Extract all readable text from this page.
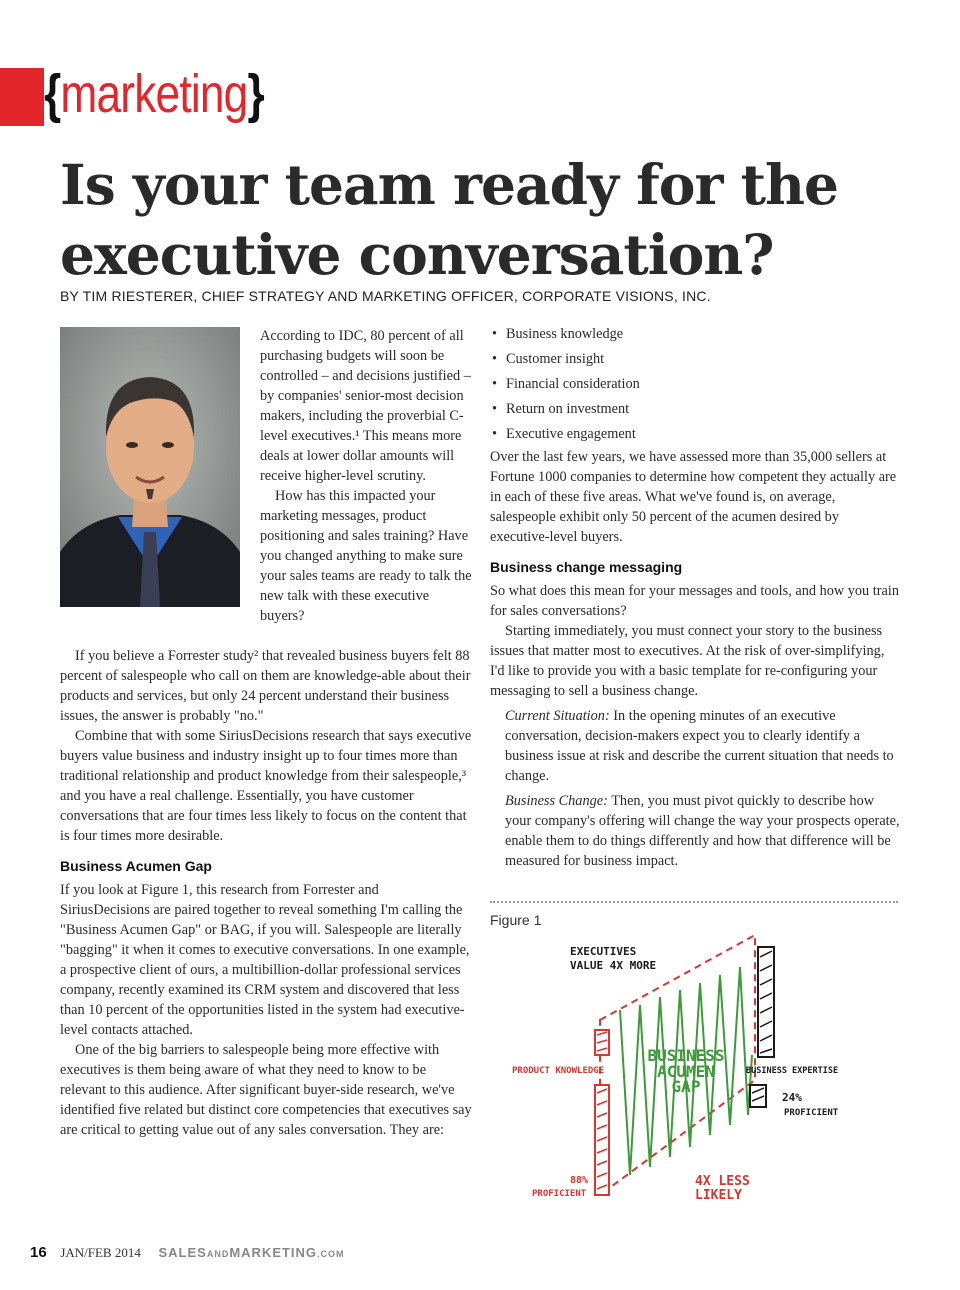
{marketing}
Is your team ready for the executive conversation?
BY TIM RIESTERER, CHIEF STRATEGY AND MARKETING OFFICER, CORPORATE VISIONS, INC.

According to IDC, 80 percent of all purchasing budgets will soon be controlled – and decisions justified – by companies' senior-most decision makers, including the proverbial C-level executives.¹ This means more deals at lower dollar amounts will receive higher-level scrutiny.

How has this impacted your marketing messages, product positioning and sales training? Have you changed anything to make sure your sales teams are ready to talk the new talk with these executive buyers?

If you believe a Forrester study² that revealed business buyers felt 88 percent of salespeople who call on them are knowledge-able about their products and services, but only 24 percent understand their business issues, the answer is probably "no."

Combine that with some SiriusDecisions research that says executive buyers value business and industry insight up to four times more than traditional relationship and product knowledge from their salespeople,³ and you have a real challenge. Essentially, you have customer conversations that are four times less likely to focus on the content that is four times more desirable.

Business Acumen Gap

If you look at Figure 1, this research from Forrester and SiriusDecisions are paired together to reveal something I'm calling the "Business Acumen Gap" or BAG, if you will. Salespeople are literally "bagging" it when it comes to executive conversations. In one example, a prospective client of ours, a multibillion-dollar professional services company, recently examined its CRM system and discovered that less than 10 percent of the opportunities listed in the system had executive-level contacts attached.

One of the big barriers to salespeople being more effective with executives is them being aware of what they need to know to be relevant to this audience. After significant buyer-side research, we've identified five related but distinct core competencies that executives say are critical to getting value out of any sales conversation. They are:

• Business knowledge
• Customer insight
• Financial consideration
• Return on investment
• Executive engagement

Over the last few years, we have assessed more than 35,000 sellers at Fortune 1000 companies to determine how competent they actually are in each of these five areas. What we've found is, on average, salespeople exhibit only 50 percent of the acumen desired by executive-level buyers.

Business change messaging

So what does this mean for your messages and tools, and how you train for sales conversations?

Starting immediately, you must connect your story to the business issues that matter most to executives. At the risk of over-simplifying, I'd like to provide you with a basic template for re-configuring your messaging to sell a business change.

Current Situation: In the opening minutes of an executive conversation, decision-makers expect you to clearly identify a business issue at risk and describe the current situation that needs to change.

Business Change: Then, you must pivot quickly to describe how your company's offering will change the way your prospects operate, enable them to do things differently and how that difference will be measured for business impact.

Figure 1
EXECUTIVES
VALUE 4X MORE
PRODUCT KNOWLEDGE	BUSINESS EXPERTISE
BUSINESS
ACUMEN
GAP
24%
PROFICIENT
88%
PROFICIENT
4X LESS
LIKELY
16 JAN/FEB 2014 SALESANDMARKETING.COM
